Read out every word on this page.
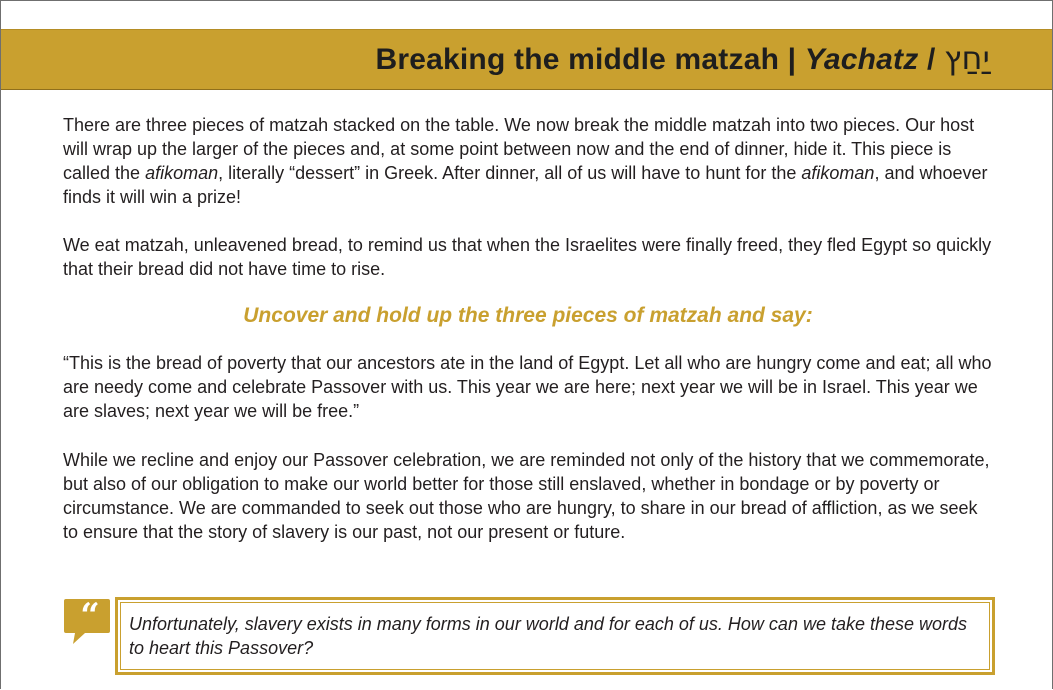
Breaking the middle matzah | Yachatz / יַחַץ

There are three pieces of matzah stacked on the table. We now break the middle matzah into two pieces. Our host will wrap up the larger of the pieces and, at some point between now and the end of dinner, hide it. This piece is called the afikoman, literally “dessert” in Greek. After dinner, all of us will have to hunt for the afikoman, and whoever finds it will win a prize!

We eat matzah, unleavened bread, to remind us that when the Israelites were finally freed, they fled Egypt so quickly that their bread did not have time to rise.

Uncover and hold up the three pieces of matzah and say:

“This is the bread of poverty that our ancestors ate in the land of Egypt. Let all who are hungry come and eat; all who are needy come and celebrate Passover with us. This year we are here; next year we will be in Israel. This year we are slaves; next year we will be free.”

While we recline and enjoy our Passover celebration, we are reminded not only of the history that we commemorate, but also of our obligation to make our world better for those still enslaved, whether in bondage or by poverty or circumstance. We are commanded to seek out those who are hungry, to share in our bread of affliction, as we seek to ensure that the story of slavery is our past, not our present or future.

“	Unfortunately, slavery exists in many forms in our world and for each of us. How can we take these words to heart this Passover?
